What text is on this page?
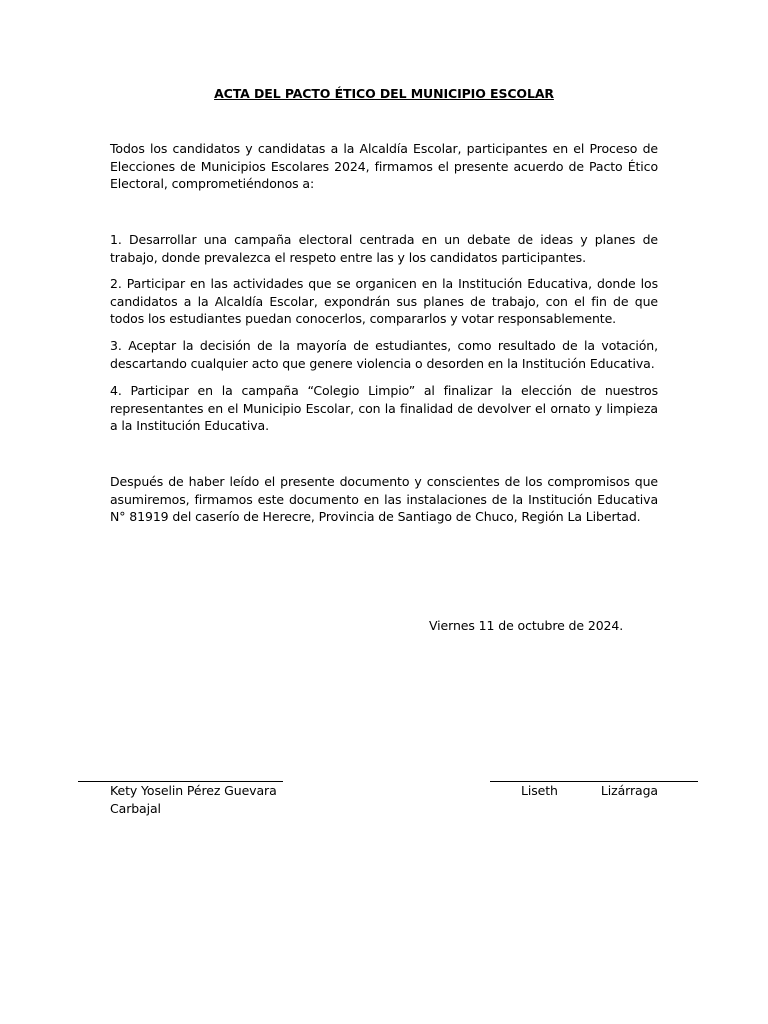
ACTA DEL PACTO ÉTICO DEL MUNICIPIO ESCOLAR
Todos los candidatos y candidatas a la Alcaldía Escolar, participantes en el Proceso de Elecciones de Municipios Escolares 2024, firmamos el presente acuerdo de Pacto Ético Electoral, comprometiéndonos a:
1. Desarrollar una campaña electoral centrada en un debate de ideas y planes de trabajo, donde prevalezca el respeto entre las y los candidatos participantes.
2. Participar en las actividades que se organicen en la Institución Educativa, donde los candidatos a la Alcaldía Escolar, expondrán sus planes de trabajo, con el fin de que todos los estudiantes puedan conocerlos, compararlos y votar responsablemente.
3. Aceptar la decisión de la mayoría de estudiantes, como resultado de la votación, descartando cualquier acto que genere violencia o desorden en la Institución Educativa.
4. Participar en la campaña “Colegio Limpio” al finalizar la elección de nuestros representantes en el Municipio Escolar, con la finalidad de devolver el ornato y limpieza a la Institución Educativa.
Después de haber leído el presente documento y conscientes de los compromisos que asumiremos, firmamos este documento en las instalaciones de la Institución Educativa N° 81919 del caserío de Herecre, Provincia de Santiago de Chuco, Región La Libertad.
Viernes 11 de octubre de 2024.
Kety Yoselin Pérez Guevara
Carbajal
Liseth	Lizárraga
